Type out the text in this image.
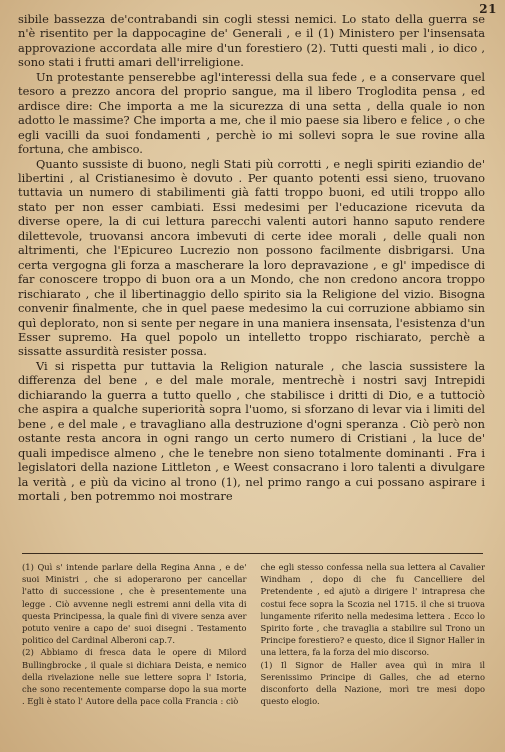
21

sibile bassezza de'contrabandi sin cogli stessi nemici. Lo stato della guerra se n'è risentito per la dappocagine de' Generali , e il (1) Ministero per l'insensata approvazione accordata alle mire d'un forestiero (2). Tutti questi mali , io dico , sono stati i frutti amari dell'irreligione.

Un protestante penserebbe agl'interessi della sua fede , e a conservare quel tesoro a prezzo ancora del proprio sangue, ma il libero Troglodita pensa , ed ardisce dire: Che importa a me la sicurezza di una setta , della quale io non adotto le massime? Che importa a me, che il mio paese sia libero e felice , o che egli vacilli da suoi fondamenti , perchè io mi sollevi sopra le sue rovine alla fortuna, che ambisco.

Quanto sussiste di buono, negli Stati più corrotti , e negli spiriti eziandio de' libertini , al Cristianesimo è dovuto . Per quanto potenti essi sieno, truovano tuttavia un numero di stabilimenti già fatti troppo buoni, ed utili troppo allo stato per non esser cambiati. Essi medesimi per l'educazione ricevuta da diverse opere, la di cui lettura parecchi valenti autori hanno saputo rendere dilettevole, truovansi ancora imbevuti di certe idee morali , delle quali non altrimenti, che l'Epicureo Lucrezio non possono facilmente disbrigarsi. Una certa vergogna gli forza a mascherare la loro depravazione , e gl' impedisce di far conoscere troppo di buon ora a un Mondo, che non credono ancora troppo rischiarato , che il libertinaggio dello spirito sia la Religione del vizio. Bisogna convenir finalmente, che in quel paese medesimo la cui corruzione abbiamo sin quì deplorato, non si sente per negare in una maniera insensata, l'esistenza d'un Esser supremo. Ha quel popolo un intelletto troppo rischiarato, perchè a sissatte assurdità resister possa.

Vi si rispetta pur tuttavia la Religion naturale , che lascia sussistere la differenza del bene , e del male morale, mentrechè i nostri savj Intrepidi dichiarando la guerra a tutto quello , che stabilisce i dritti di Dio, e a tuttociò che aspira a qualche superiorità sopra l'uomo, si sforzano di levar via i limiti del bene , e del male , e travagliano alla destruzione d'ogni speranza . Ciò però non ostante resta ancora in ogni rango un certo numero di Cristiani , la luce de' quali impedisce almeno , che le tenebre non sieno totalmente dominanti . Fra i legislatori della nazione Littleton , e Weest consacrano i loro talenti a divulgare la verità , e più da vicino al trono (1), nel primo rango a cui possano aspirare i mortali , ben potremmo noi mostrare

(1) Quì s' intende parlare della Regina Anna , e de' suoi Ministri , che si adoperarono per cancellar l'atto di successione , che è presentemente una legge . Ciò avvenne negli estremi anni della vita di questa Principessa, la quale finì di vivere senza aver potuto venire a capo de' suoi disegni . Testamento politico del Cardinal Alberoni cap.7.

(2) Abbiamo di fresca data le opere di Milord Bullingbrocke , il quale si dichiara Deista, e nemico della rivelazione nelle sue lettere sopra l' Istoria, che sono recentemente comparse dopo la sua morte . Egli è stato l' Autore della pace colla Francia : ciò

che egli stesso confessa nella sua lettera al Cavalier Windham , dopo di che fu Cancelliere del Pretendente , ed ajutò a dirigere l' intrapresa che costui fece sopra la Scozia nel 1715. il che si truova lungamente riferito nella medesima lettera . Ecco lo Spirito forte , che travaglia a stabilire sul Trono un Principe forestiero? e questo, dice il Signor Haller in una lettera, fa la forza del mio discorso.

(1) Il Signor de Haller avea quì in mira il Serenissimo Principe di Galles, che ad eterno disconforto della Nazione, morì tre mesi dopo questo elogio.
